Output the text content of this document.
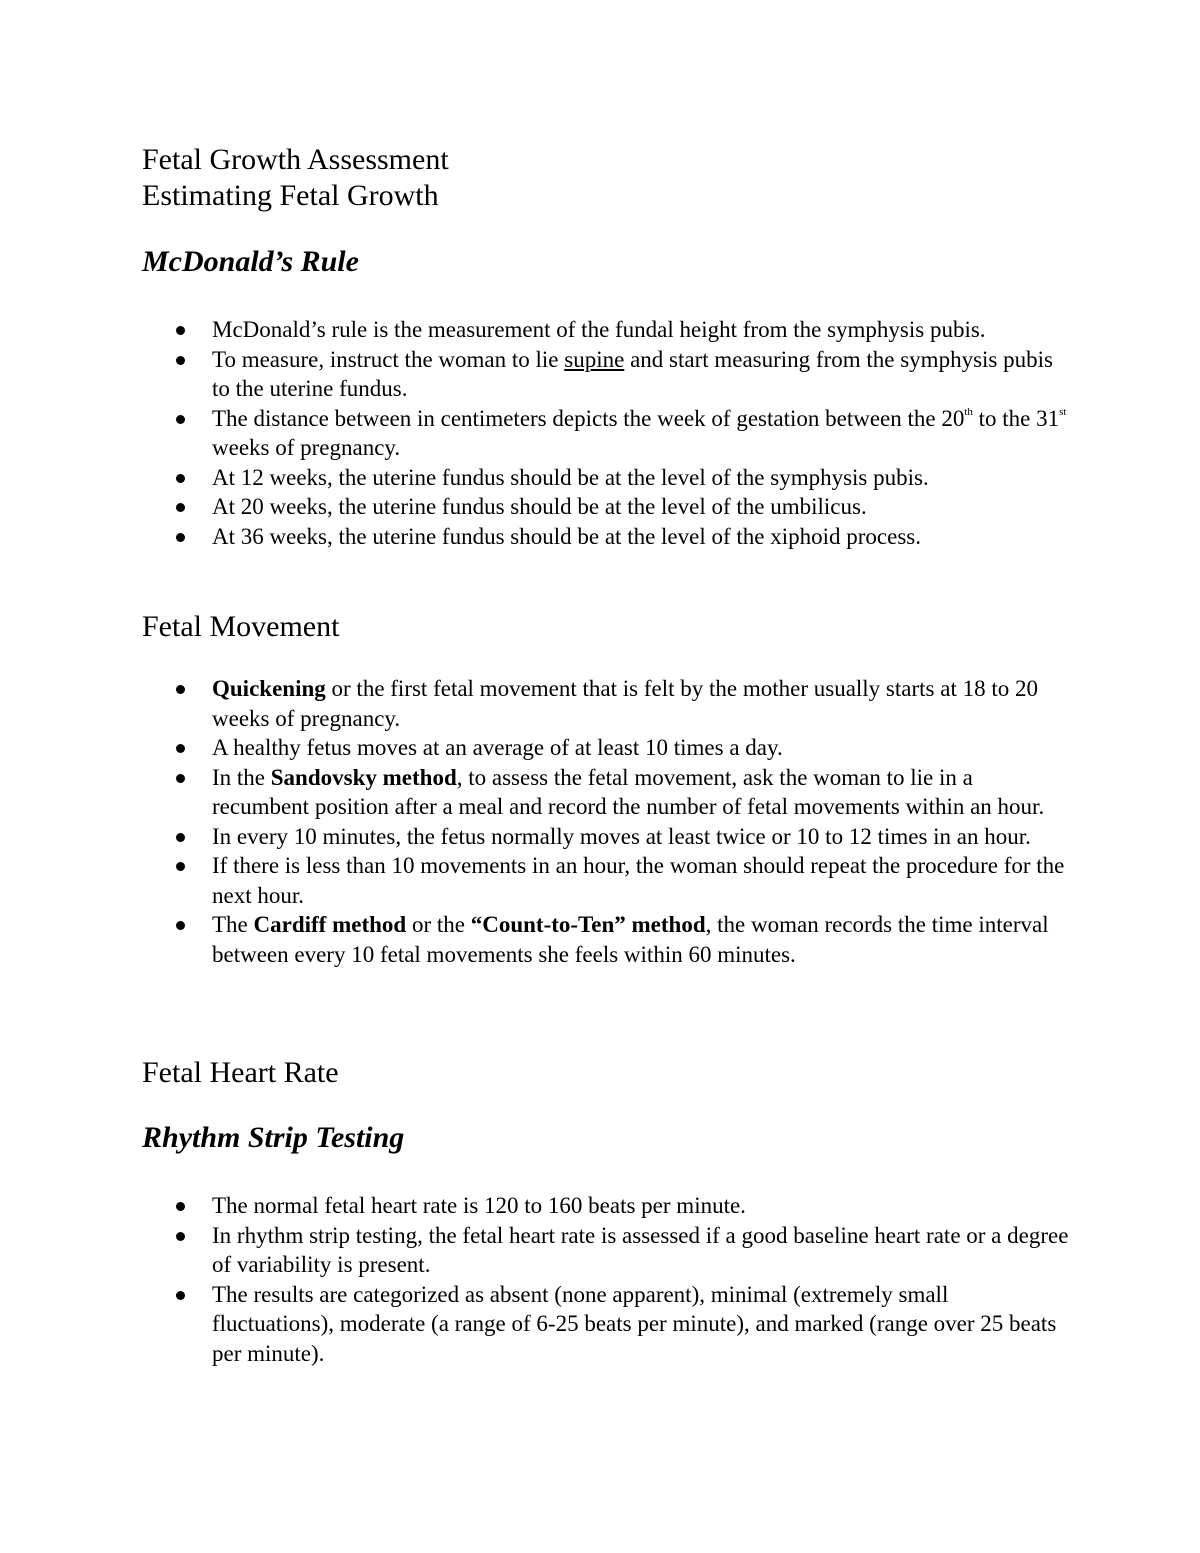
Fetal Growth Assessment
Estimating Fetal Growth
McDonald’s Rule
McDonald’s rule is the measurement of the fundal height from the symphysis pubis.
To measure, instruct the woman to lie supine and start measuring from the symphysis pubis to the uterine fundus.
The distance between in centimeters depicts the week of gestation between the 20th to the 31st weeks of pregnancy.
At 12 weeks, the uterine fundus should be at the level of the symphysis pubis.
At 20 weeks, the uterine fundus should be at the level of the umbilicus.
At 36 weeks, the uterine fundus should be at the level of the xiphoid process.
Fetal Movement
Quickening or the first fetal movement that is felt by the mother usually starts at 18 to 20 weeks of pregnancy.
A healthy fetus moves at an average of at least 10 times a day.
In the Sandovsky method, to assess the fetal movement, ask the woman to lie in a recumbent position after a meal and record the number of fetal movements within an hour.
In every 10 minutes, the fetus normally moves at least twice or 10 to 12 times in an hour.
If there is less than 10 movements in an hour, the woman should repeat the procedure for the next hour.
The Cardiff method or the “Count-to-Ten” method, the woman records the time interval between every 10 fetal movements she feels within 60 minutes.
Fetal Heart Rate
Rhythm Strip Testing
The normal fetal heart rate is 120 to 160 beats per minute.
In rhythm strip testing, the fetal heart rate is assessed if a good baseline heart rate or a degree of variability is present.
The results are categorized as absent (none apparent), minimal (extremely small fluctuations), moderate (a range of 6-25 beats per minute), and marked (range over 25 beats per minute).
